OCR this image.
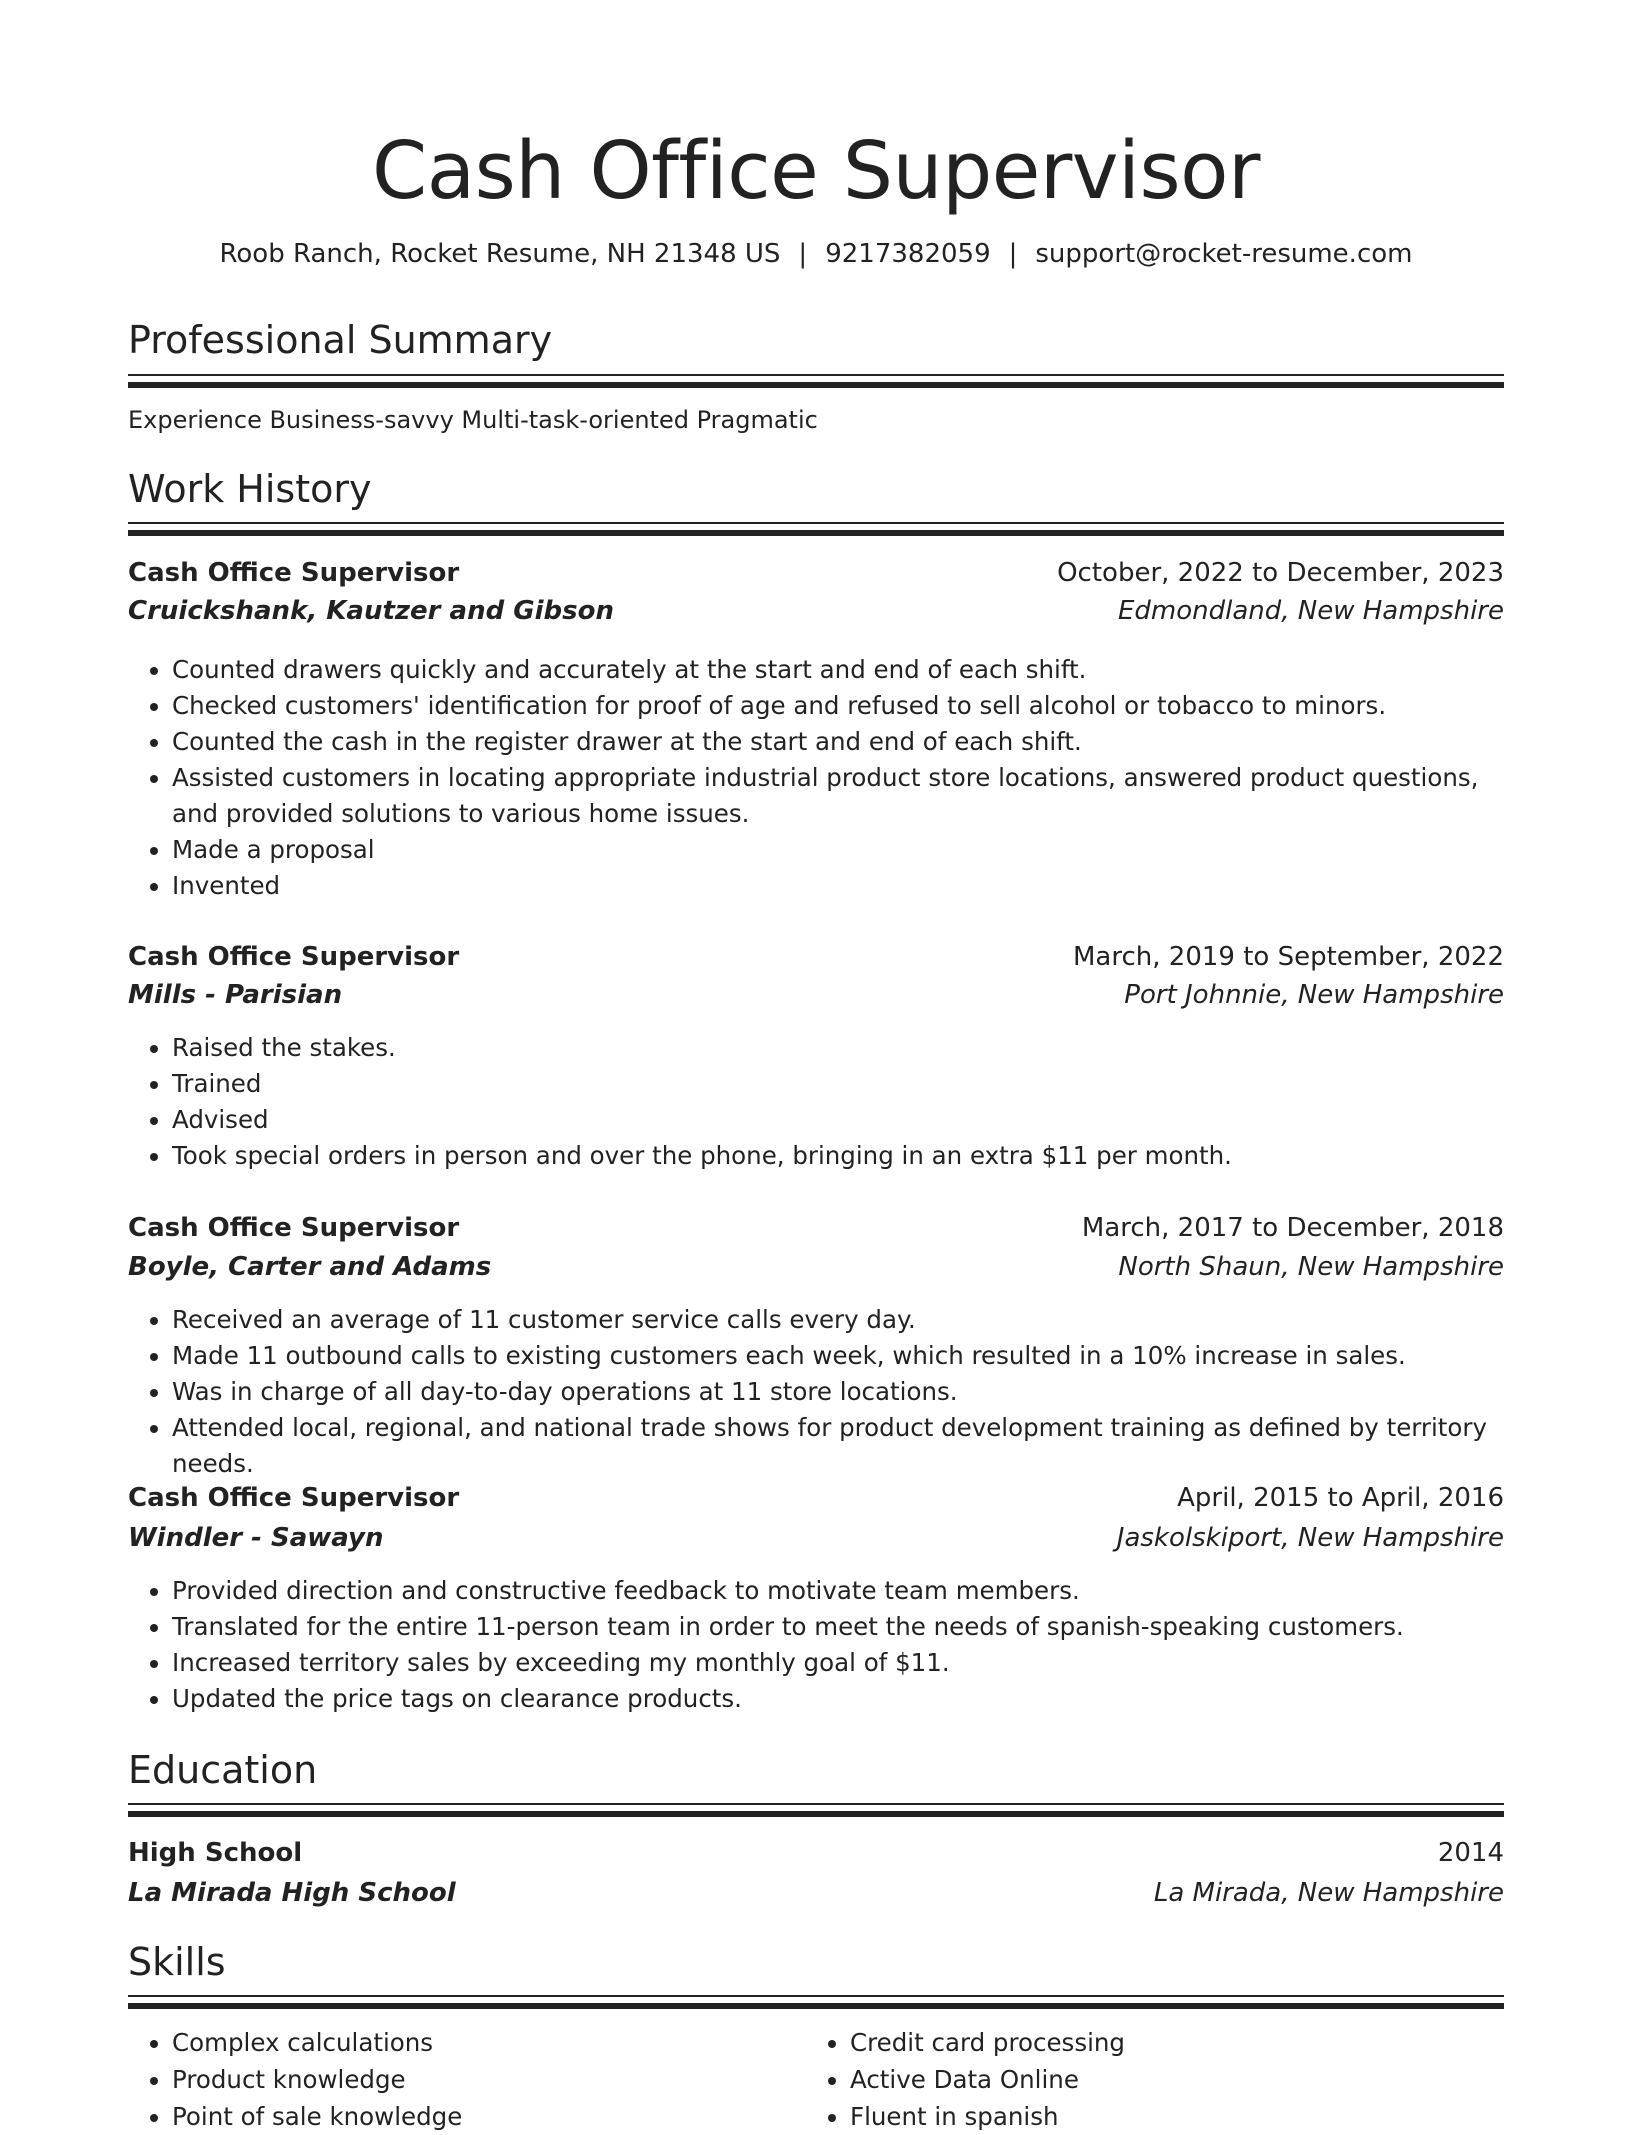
Cash Office Supervisor
Roob Ranch, Rocket Resume, NH 21348 US | 9217382059 | support@rocket-resume.com
Professional Summary
Experience Business-savvy Multi-task-oriented Pragmatic
Work History
Cash Office Supervisor	October, 2022 to December, 2023
Cruickshank, Kautzer and Gibson	Edmondland, New Hampshire
• Counted drawers quickly and accurately at the start and end of each shift.
• Checked customers' identification for proof of age and refused to sell alcohol or tobacco to minors.
• Counted the cash in the register drawer at the start and end of each shift.
• Assisted customers in locating appropriate industrial product store locations, answered product questions, and provided solutions to various home issues.
• Made a proposal
• Invented
Cash Office Supervisor	March, 2019 to September, 2022
Mills - Parisian	Port Johnnie, New Hampshire
• Raised the stakes.
• Trained
• Advised
• Took special orders in person and over the phone, bringing in an extra $11 per month.
Cash Office Supervisor	March, 2017 to December, 2018
Boyle, Carter and Adams	North Shaun, New Hampshire
• Received an average of 11 customer service calls every day.
• Made 11 outbound calls to existing customers each week, which resulted in a 10% increase in sales.
• Was in charge of all day-to-day operations at 11 store locations.
• Attended local, regional, and national trade shows for product development training as defined by territory needs.
Cash Office Supervisor	April, 2015 to April, 2016
Windler - Sawayn	Jaskolskiport, New Hampshire
• Provided direction and constructive feedback to motivate team members.
• Translated for the entire 11-person team in order to meet the needs of spanish-speaking customers.
• Increased territory sales by exceeding my monthly goal of $11.
• Updated the price tags on clearance products.
Education
High School	2014
La Mirada High School	La Mirada, New Hampshire
Skills
• Complex calculations
• Product knowledge
• Point of sale knowledge
• Credit card processing
• Active Data Online
• Fluent in spanish
